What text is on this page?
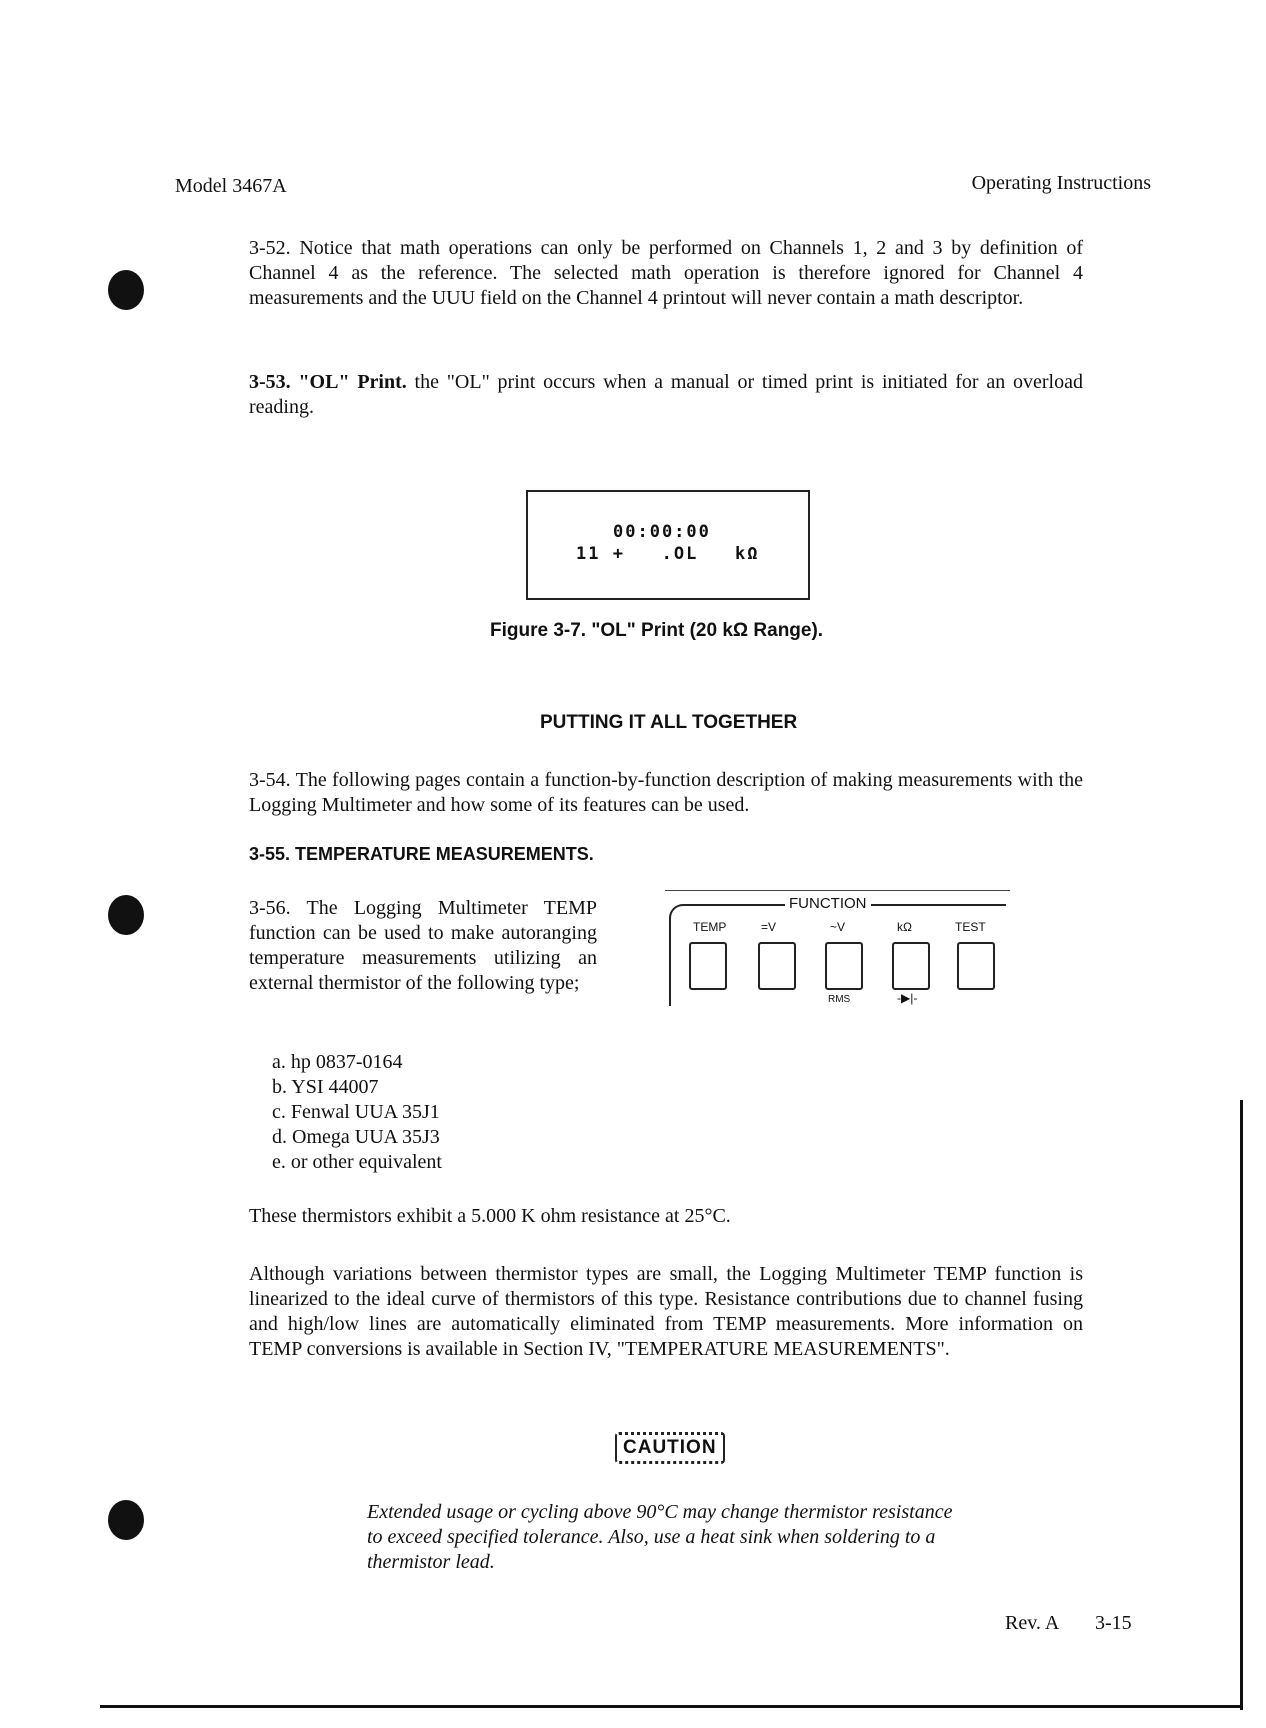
Model 3467A	Operating Instructions
3-52. Notice that math operations can only be performed on Channels 1, 2 and 3 by definition of Channel 4 as the reference. The selected math operation is therefore ignored for Channel 4 measurements and the UUU field on the Channel 4 printout will never contain a math descriptor.
3-53. "OL" Print. the "OL" print occurs when a manual or timed print is initiated for an overload reading.
00:00:00
11 +   .OL   kΩ
Figure 3-7. "OL" Print (20 kΩ Range).
PUTTING IT ALL TOGETHER
3-54. The following pages contain a function-by-function description of making measurements with the Logging Multimeter and how some of its features can be used.
3-55. TEMPERATURE MEASUREMENTS.
3-56. The Logging Multimeter TEMP function can be used to make autoranging temperature measurements utilizing an external thermistor of the following type;
FUNCTION
TEMP	=V	~V	kΩ	TEST
RMS	-▶|-
a. hp 0837-0164
b. YSI 44007
c. Fenwal UUA 35J1
d. Omega UUA 35J3
e. or other equivalent
These thermistors exhibit a 5.000 K ohm resistance at 25°C.
Although variations between thermistor types are small, the Logging Multimeter TEMP function is linearized to the ideal curve of thermistors of this type. Resistance contributions due to channel fusing and high/low lines are automatically eliminated from TEMP measurements. More information on TEMP conversions is available in Section IV, "TEMPERATURE MEASUREMENTS".
CAUTION
Extended usage or cycling above 90°C may change thermistor resistance to exceed specified tolerance. Also, use a heat sink when soldering to a thermistor lead.
Rev. A 3-15
